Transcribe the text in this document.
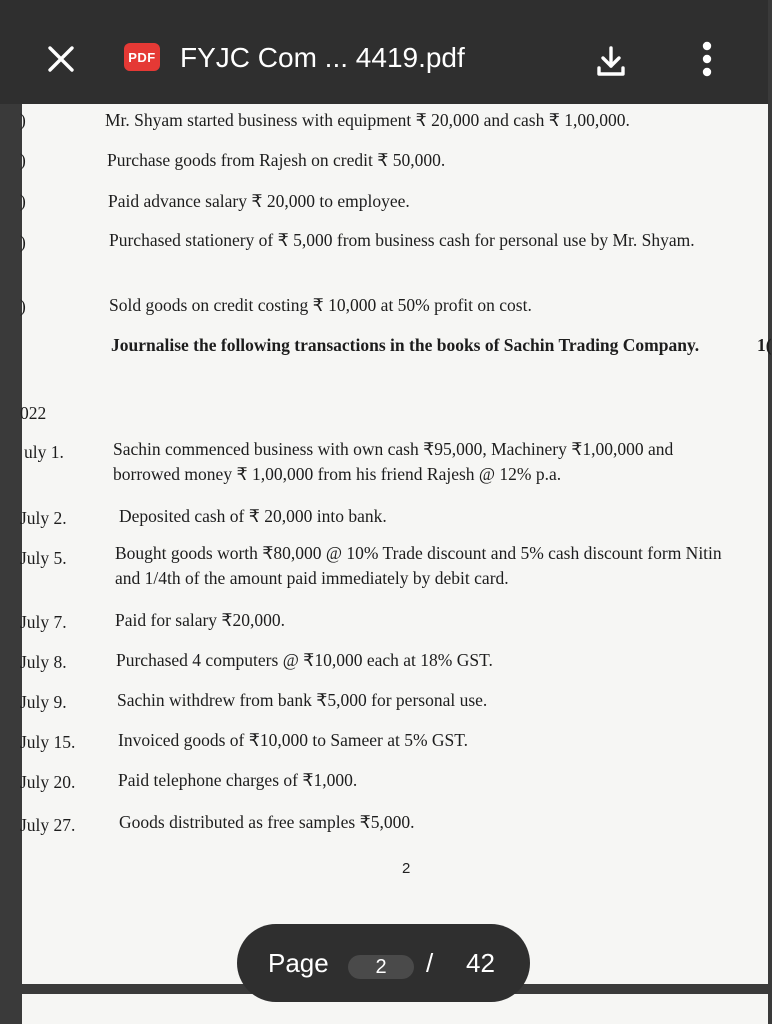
PDF FYJC Com ... 4419.pdf
)	Mr. Shyam started business with equipment ₹ 20,000 and cash ₹ 1,00,000.
)	Purchase goods from Rajesh on credit ₹ 50,000.
)	Paid advance salary ₹ 20,000 to employee.
)	Purchased stationery of ₹ 5,000 from business cash for personal use by Mr. Shyam.
)	Sold goods on credit costing ₹ 10,000 at 50% profit on cost.
Journalise the following transactions in the books of Sachin Trading Company.	1(
022
uly 1.	Sachin commenced business with own cash ₹95,000, Machinery ₹1,00,000 and borrowed money ₹ 1,00,000 from his friend Rajesh @ 12% p.a.
July 2.	Deposited cash of ₹ 20,000 into bank.
July 5.	Bought goods worth ₹80,000 @ 10% Trade discount and 5% cash discount form Nitin and 1/4th of the amount paid immediately by debit card.
July 7.	Paid for salary ₹20,000.
July 8.	Purchased 4 computers @ ₹10,000 each at 18% GST.
July 9.	Sachin withdrew from bank ₹5,000 for personal use.
July 15. Invoiced goods of ₹10,000 to Sameer at 5% GST.
July 20. Paid telephone charges of ₹1,000.
July 27. Goods distributed as free samples ₹5,000.
2
Page	2	/ 42
